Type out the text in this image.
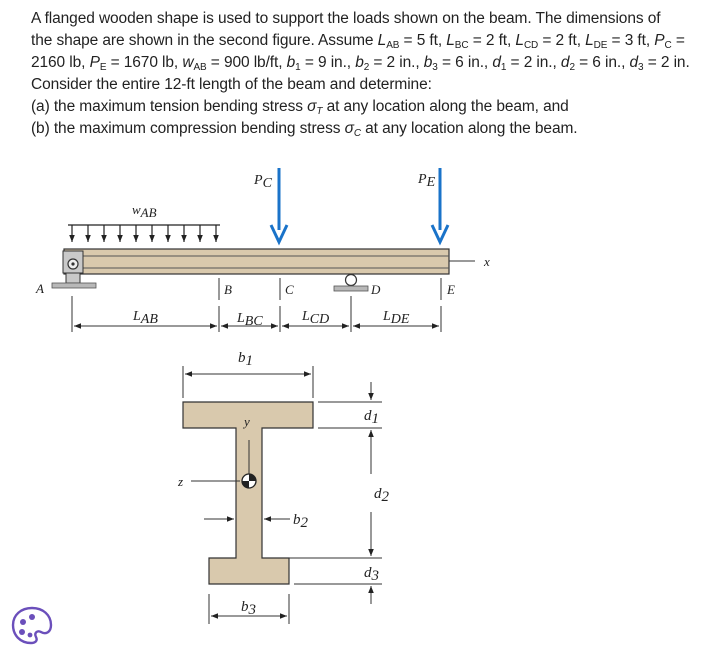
A flanged wooden shape is used to support the loads shown on the beam. The dimensions of

the shape are shown in the second figure. Assume $L_{AB} = 5$ ft, $L_{BC} = 2$ ft, $L_{CD} = 2$ ft, $L_{DE} = 3$ ft, $P_C$ =

2160 lb, $P_E = 1670$ lb, $w_{AB} = 900$ lb/ft, $b_1 = 9$ in., $b_2 = 2$ in., $b_3 = 6$ in., $d_1 = 2$ in., $d_2 = 6$ in., $d_3 = 2$ in.

Consider the entire 12-ft length of the beam and determine:

(a) the maximum tension bending stress $\sigma_T$ at any location along the beam, and

(b) the maximum compression bending stress $\sigma_C$ at any location along the beam.

wAB
PC	PE
x
A	B	C	D	E
LAB	LBC	LCD	LDE
b1
y
z
b2
b3
d1
d2
d3
